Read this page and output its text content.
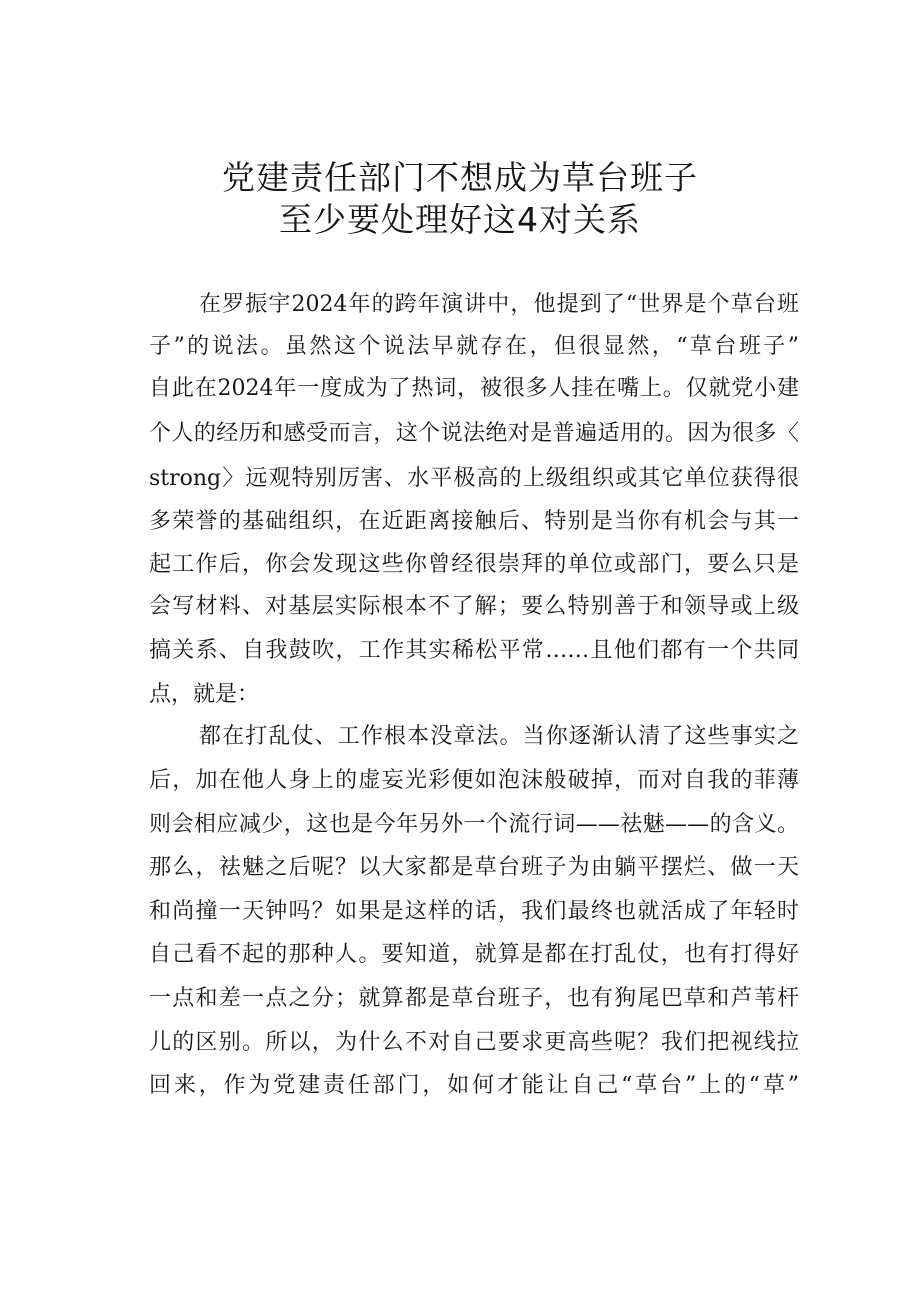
党建责任部门不想成为草台班子
至少要处理好这4对关系
在罗振宇2024年的跨年演讲中，他提到了“世界是个草台班
子”的说法。虽然这个说法早就存在，但很显然，“草台班子”
自此在2024年一度成为了热词，被很多人挂在嘴上。仅就党小建
个人的经历和感受而言，这个说法绝对是普遍适用的。因为很多〈
strong〉远观特别厉害、水平极高的上级组织或其它单位获得很
多荣誉的基础组织，在近距离接触后、特别是当你有机会与其一
起工作后，你会发现这些你曾经很崇拜的单位或部门，要么只是
会写材料、对基层实际根本不了解；要么特别善于和领导或上级
搞关系、自我鼓吹，工作其实稀松平常……且他们都有一个共同
点，就是：
都在打乱仗、工作根本没章法。当你逐渐认清了这些事实之
后，加在他人身上的虚妄光彩便如泡沫般破掉，而对自我的菲薄
则会相应减少，这也是今年另外一个流行词——祛魅——的含义。
那么，祛魅之后呢？以大家都是草台班子为由躺平摆烂、做一天
和尚撞一天钟吗？如果是这样的话，我们最终也就活成了年轻时
自己看不起的那种人。要知道，就算是都在打乱仗，也有打得好
一点和差一点之分；就算都是草台班子，也有狗尾巴草和芦苇杆
儿的区别。所以，为什么不对自己要求更高些呢？我们把视线拉
回来，作为党建责任部门，如何才能让自己“草台”上的“草”
